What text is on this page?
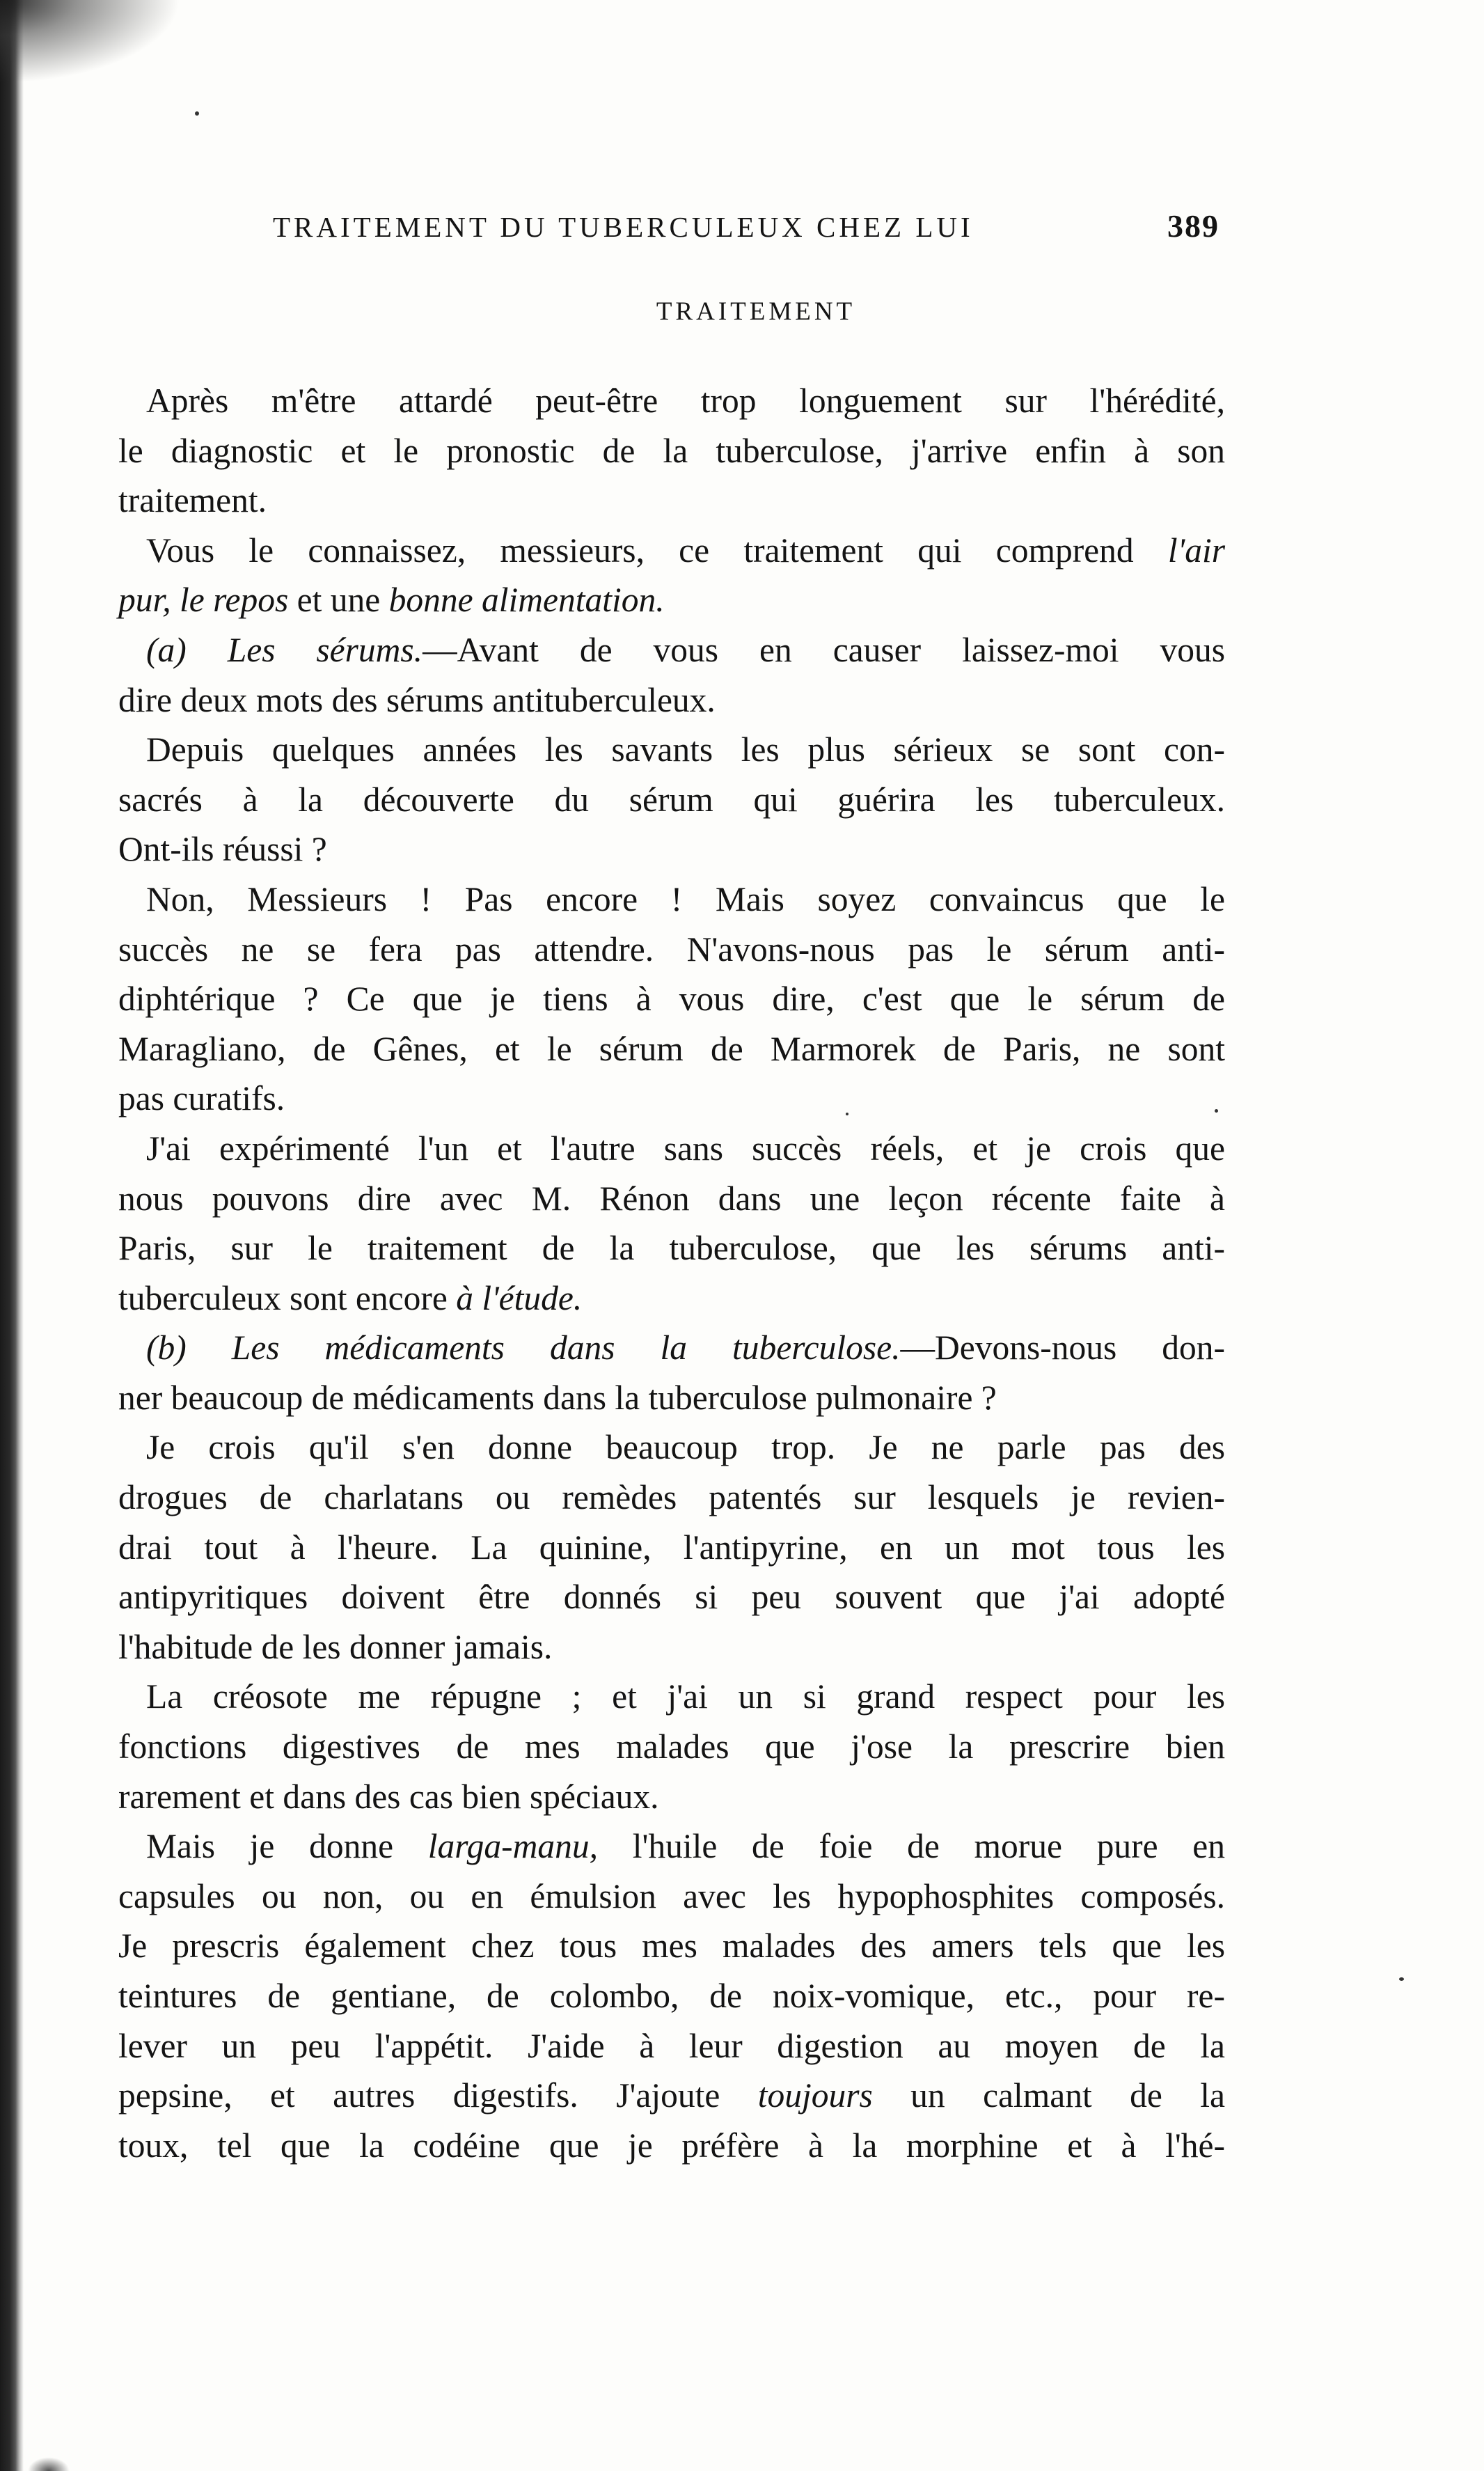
TRAITEMENT DU TUBERCULEUX CHEZ LUI	389
TRAITEMENT
Après m'être attardé peut-être trop longuement sur l'hérédité,
le diagnostic et le pronostic de la tuberculose, j'arrive enfin à son
traitement.
Vous le connaissez, messieurs, ce traitement qui comprend l'air
pur, le repos et une bonne alimentation.
(a) Les sérums.—Avant de vous en causer laissez-moi vous
dire deux mots des sérums antituberculeux.
Depuis quelques années les savants les plus sérieux se sont con-
sacrés à la découverte du sérum qui guérira les tuberculeux.
Ont-ils réussi ?
Non, Messieurs ! Pas encore ! Mais soyez convaincus que le
succès ne se fera pas attendre. N'avons-nous pas le sérum anti-
diphtérique ? Ce que je tiens à vous dire, c'est que le sérum de
Maragliano, de Gênes, et le sérum de Marmorek de Paris, ne sont
pas curatifs.
J'ai expérimenté l'un et l'autre sans succès réels, et je crois que
nous pouvons dire avec M. Rénon dans une leçon récente faite à
Paris, sur le traitement de la tuberculose, que les sérums anti-
tuberculeux sont encore à l'étude.
(b) Les médicaments dans la tuberculose.—Devons-nous don-
ner beaucoup de médicaments dans la tuberculose pulmonaire ?
Je crois qu'il s'en donne beaucoup trop. Je ne parle pas des
drogues de charlatans ou remèdes patentés sur lesquels je revien-
drai tout à l'heure. La quinine, l'antipyrine, en un mot tous les
antipyritiques doivent être donnés si peu souvent que j'ai adopté
l'habitude de les donner jamais.
La créosote me répugne ; et j'ai un si grand respect pour les
fonctions digestives de mes malades que j'ose la prescrire bien
rarement et dans des cas bien spéciaux.
Mais je donne larga-manu, l'huile de foie de morue pure en
capsules ou non, ou en émulsion avec les hypophosphites composés.
Je prescris également chez tous mes malades des amers tels que les
teintures de gentiane, de colombo, de noix-vomique, etc., pour re-
lever un peu l'appétit. J'aide à leur digestion au moyen de la
pepsine, et autres digestifs. J'ajoute toujours un calmant de la
toux, tel que la codéine que je préfère à la morphine et à l'hé-
